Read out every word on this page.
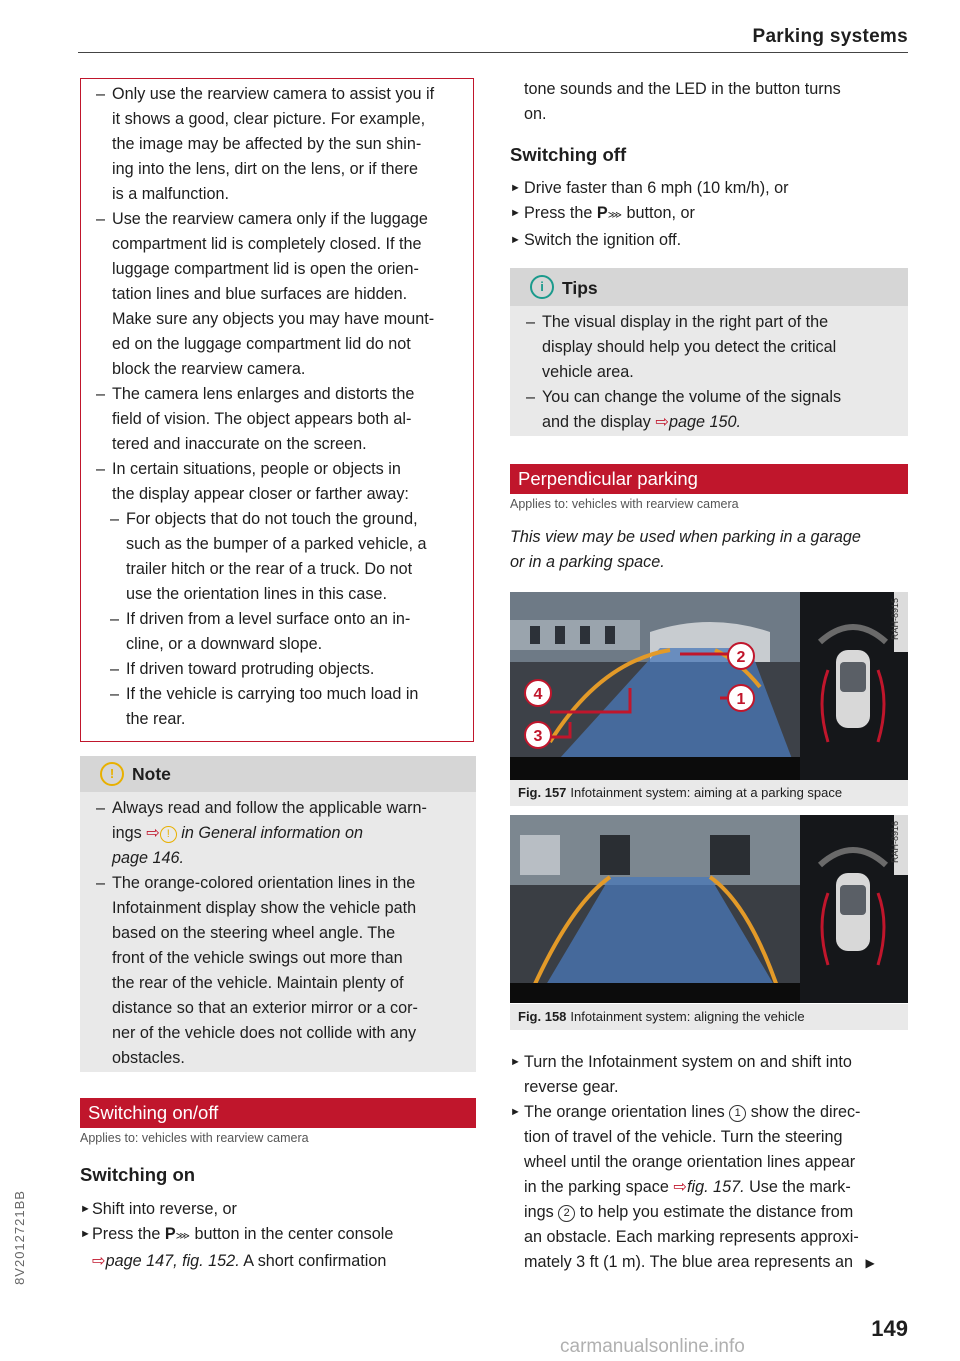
Parking systems

– Only use the rearview camera to assist you if

it shows a good, clear picture. For example,

the image may be affected by the sun shin-

ing into the lens, dirt on the lens, or if there

is a malfunction.

– Use the rearview camera only if the luggage

compartment lid is completely closed. If the

luggage compartment lid is open the orien-

tation lines and blue surfaces are hidden.

Make sure any objects you may have mount-

ed on the luggage compartment lid do not

block the rearview camera.

– The camera lens enlarges and distorts the

field of vision. The object appears both al-

tered and inaccurate on the screen.

– In certain situations, people or objects in

the display appear closer or farther away:

– For objects that do not touch the ground,

such as the bumper of a parked vehicle, a

trailer hitch or the rear of a truck. Do not

use the orientation lines in this case.

– If driven from a level surface onto an in-

cline, or a downward slope.

– If driven toward protruding objects.

– If the vehicle is carrying too much load in

the rear.

!	Note

– Always read and follow the applicable warn-

ings ⇨ ! in General information on

page 146.

– The orange-colored orientation lines in the

Infotainment display show the vehicle path

based on the steering wheel angle. The

front of the vehicle swings out more than

the rear of the vehicle. Maintain plenty of

distance so that an exterior mirror or a cor-

ner of the vehicle does not collide with any

obstacles.

Switching on/off
Applies to: vehicles with rearview camera
Switching on

► Shift into reverse, or

► Press the P⋙ button in the center console

⇨page 147, fig. 152. A short confirmation

tone sounds and the LED in the button turns

on.

Switching off

► Drive faster than 6 mph (10 km/h), or

► Press the P⋙ button, or

► Switch the ignition off.

i	Tips

– The visual display in the right part of the

display should help you detect the critical

vehicle area.

– You can change the volume of the signals

and the display ⇨page 150.

Perpendicular parking
Applies to: vehicles with rearview camera

This view may be used when parking in a garage

or in a parking space.

2
1
4
3
RAH-8915
Fig. 157 Infotainment system: aiming at a parking space
RAH-8916
Fig. 158 Infotainment system: aligning the vehicle

► Turn the Infotainment system on and shift into

reverse gear.

► The orange orientation lines 1 show the direc-

tion of travel of the vehicle. Turn the steering

wheel until the orange orientation lines appear

in the parking space ⇨fig. 157. Use the mark-

ings 2 to help you estimate the distance from

an obstacle. Each marking represents approxi-

mately 3 ft (1 m). The blue area represents an ▶

8V2012721BB
149
carmanualsonline.info
